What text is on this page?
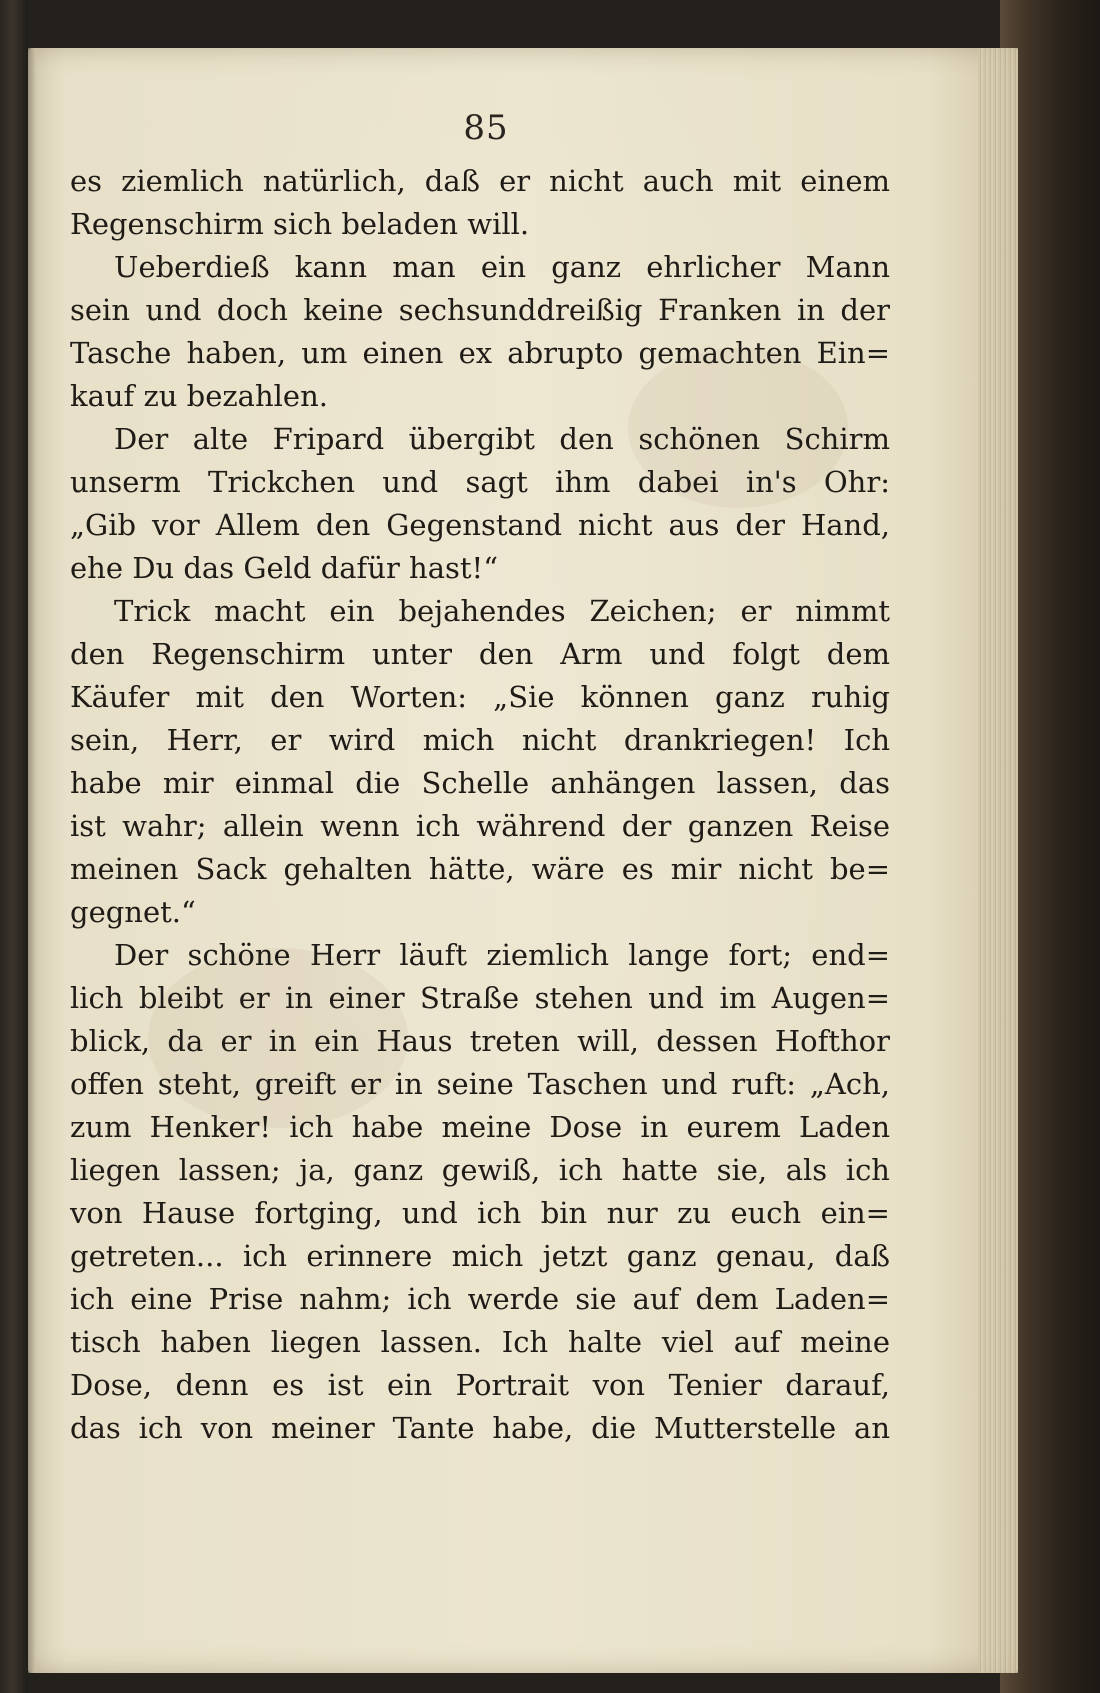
85
es ziemlich natürlich, daß er nicht auch mit einem
Regenschirm sich beladen will.
Ueberdieß kann man ein ganz ehrlicher Mann
sein und doch keine sechsunddreißig Franken in der
Tasche haben, um einen ex abrupto gemachten Ein=
kauf zu bezahlen.
Der alte Fripard übergibt den schönen Schirm
unserm Trickchen und sagt ihm dabei in's Ohr:
„Gib vor Allem den Gegenstand nicht aus der Hand,
ehe Du das Geld dafür hast!“
Trick macht ein bejahendes Zeichen; er nimmt
den Regenschirm unter den Arm und folgt dem
Käufer mit den Worten: „Sie können ganz ruhig
sein, Herr, er wird mich nicht drankriegen! Ich
habe mir einmal die Schelle anhängen lassen, das
ist wahr; allein wenn ich während der ganzen Reise
meinen Sack gehalten hätte, wäre es mir nicht be=
gegnet.“
Der schöne Herr läuft ziemlich lange fort; end=
lich bleibt er in einer Straße stehen und im Augen=
blick, da er in ein Haus treten will, dessen Hofthor
offen steht, greift er in seine Taschen und ruft: „Ach,
zum Henker! ich habe meine Dose in eurem Laden
liegen lassen; ja, ganz gewiß, ich hatte sie, als ich
von Hause fortging, und ich bin nur zu euch ein=
getreten... ich erinnere mich jetzt ganz genau, daß
ich eine Prise nahm; ich werde sie auf dem Laden=
tisch haben liegen lassen. Ich halte viel auf meine
Dose, denn es ist ein Portrait von Tenier darauf,
das ich von meiner Tante habe, die Mutterstelle an
